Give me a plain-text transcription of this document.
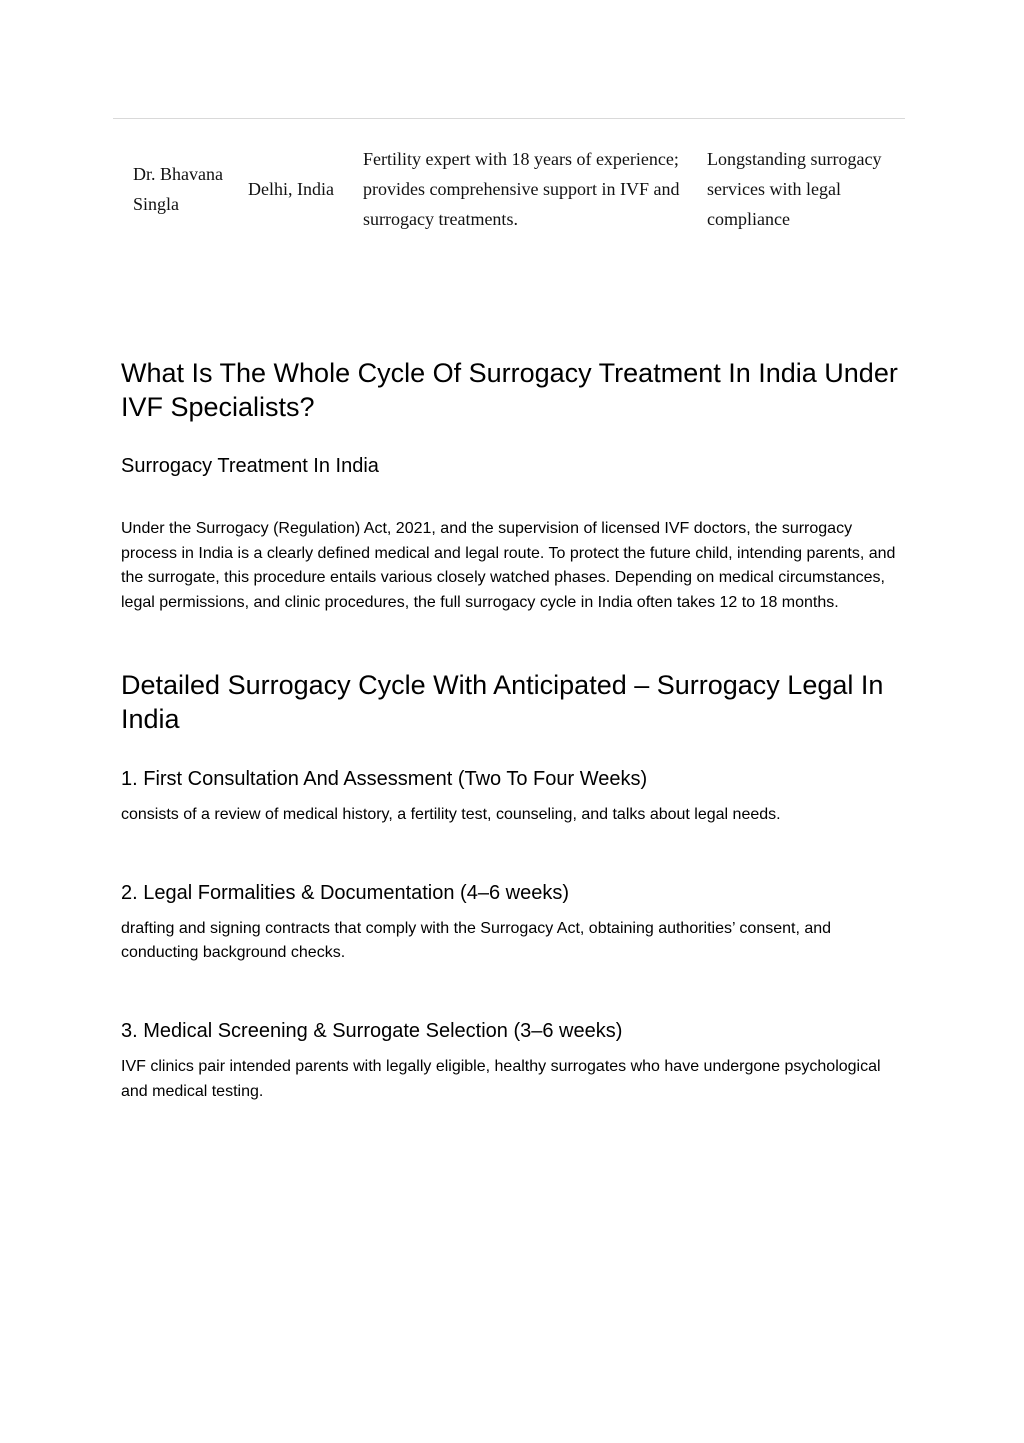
Dr. Bhavana Singla
Delhi, India
Fertility expert with 18 years of experience; provides comprehensive support in IVF and surrogacy treatments.
Longstanding surrogacy services with legal compliance
What Is The Whole Cycle Of Surrogacy Treatment In India Under IVF Specialists?
Surrogacy Treatment In India

Under the Surrogacy (Regulation) Act, 2021, and the supervision of licensed IVF doctors, the surrogacy process in India is a clearly defined medical and legal route. To protect the future child, intending parents, and the surrogate, this procedure entails various closely watched phases. Depending on medical circumstances, legal permissions, and clinic procedures, the full surrogacy cycle in India often takes 12 to 18 months.

Detailed Surrogacy Cycle With Anticipated – Surrogacy Legal In India
1. First Consultation And Assessment (Two To Four Weeks)

consists of a review of medical history, a fertility test, counseling, and talks about legal needs.

2. Legal Formalities & Documentation (4–6 weeks)

drafting and signing contracts that comply with the Surrogacy Act, obtaining authorities’ consent, and conducting background checks.

3. Medical Screening & Surrogate Selection (3–6 weeks)

IVF clinics pair intended parents with legally eligible, healthy surrogates who have undergone psychological and medical testing.
